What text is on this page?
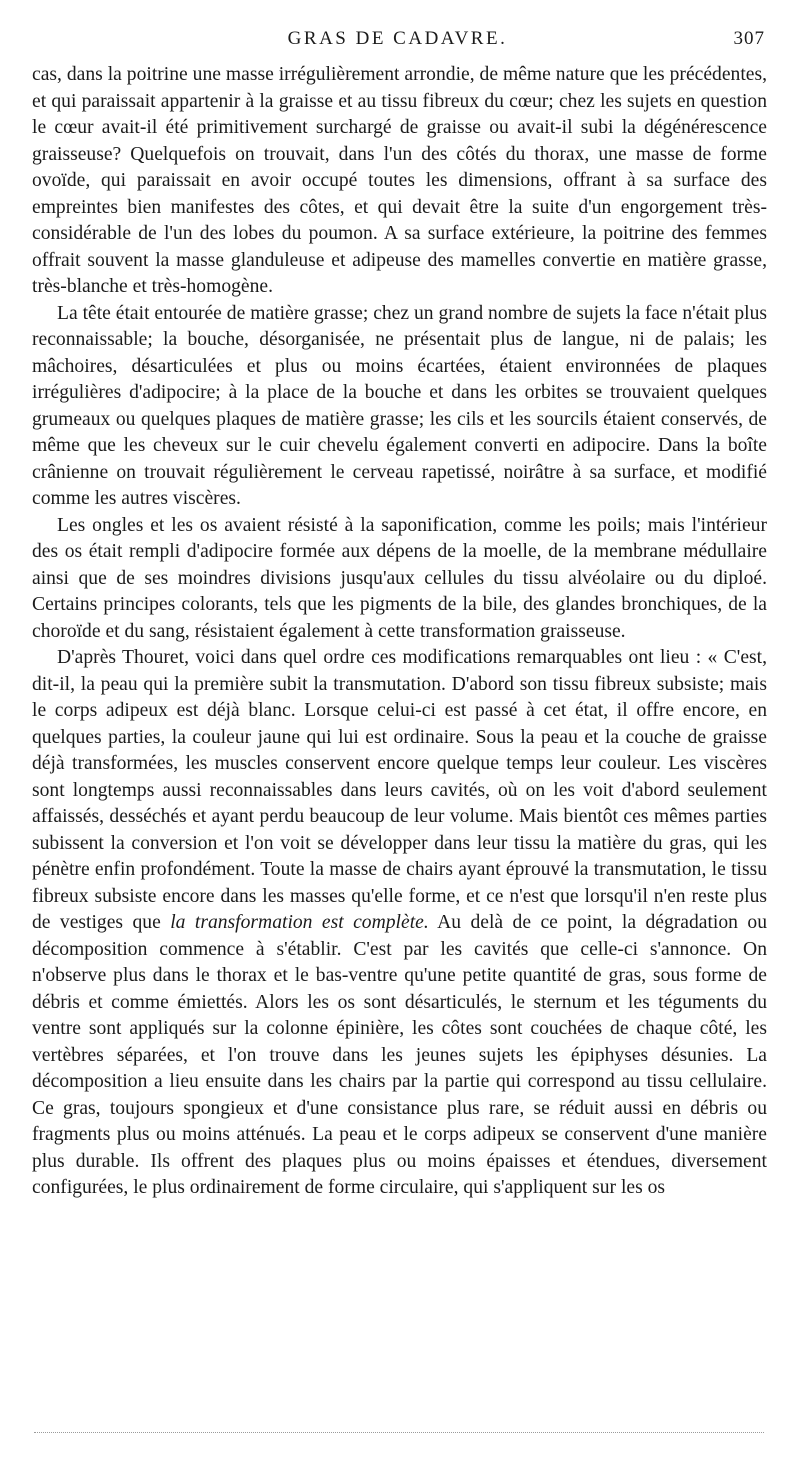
GRAS DE CADAVRE.	307

cas, dans la poitrine une masse irrégulièrement arrondie, de même nature que les précédentes, et qui paraissait appartenir à la graisse et au tissu fibreux du cœur; chez les sujets en question le cœur avait-il été primitivement surchargé de graisse ou avait-il subi la dégénérescence graisseuse? Quelquefois on trouvait, dans l'un des côtés du thorax, une masse de forme ovoïde, qui paraissait en avoir occupé toutes les dimensions, offrant à sa surface des empreintes bien manifestes des côtes, et qui devait être la suite d'un engorgement très-considérable de l'un des lobes du poumon. A sa surface extérieure, la poitrine des femmes offrait souvent la masse glanduleuse et adipeuse des mamelles convertie en matière grasse, très-blanche et très-homogène.

La tête était entourée de matière grasse; chez un grand nombre de sujets la face n'était plus reconnaissable; la bouche, désorganisée, ne présentait plus de langue, ni de palais; les mâchoires, désarticulées et plus ou moins écartées, étaient environnées de plaques irrégulières d'adipocire; à la place de la bouche et dans les orbites se trouvaient quelques grumeaux ou quelques plaques de matière grasse; les cils et les sourcils étaient conservés, de même que les cheveux sur le cuir chevelu également converti en adipocire. Dans la boîte crânienne on trouvait régulièrement le cerveau rapetissé, noirâtre à sa surface, et modifié comme les autres viscères.

Les ongles et les os avaient résisté à la saponification, comme les poils; mais l'intérieur des os était rempli d'adipocire formée aux dépens de la moelle, de la membrane médullaire ainsi que de ses moindres divisions jusqu'aux cellules du tissu alvéolaire ou du diploé. Certains principes colorants, tels que les pigments de la bile, des glandes bronchiques, de la choroïde et du sang, résistaient également à cette transformation graisseuse.

D'après Thouret, voici dans quel ordre ces modifications remarquables ont lieu : « C'est, dit-il, la peau qui la première subit la transmutation. D'abord son tissu fibreux subsiste; mais le corps adipeux est déjà blanc. Lorsque celui-ci est passé à cet état, il offre encore, en quelques parties, la couleur jaune qui lui est ordinaire. Sous la peau et la couche de graisse déjà transformées, les muscles conservent encore quelque temps leur couleur. Les viscères sont longtemps aussi reconnaissables dans leurs cavités, où on les voit d'abord seulement affaissés, desséchés et ayant perdu beaucoup de leur volume. Mais bientôt ces mêmes parties subissent la conversion et l'on voit se développer dans leur tissu la matière du gras, qui les pénètre enfin profondément. Toute la masse de chairs ayant éprouvé la transmutation, le tissu fibreux subsiste encore dans les masses qu'elle forme, et ce n'est que lorsqu'il n'en reste plus de vestiges que la transformation est complète. Au delà de ce point, la dégradation ou décomposition commence à s'établir. C'est par les cavités que celle-ci s'annonce. On n'observe plus dans le thorax et le bas-ventre qu'une petite quantité de gras, sous forme de débris et comme émiettés. Alors les os sont désarticulés, le sternum et les téguments du ventre sont appliqués sur la colonne épinière, les côtes sont couchées de chaque côté, les vertèbres séparées, et l'on trouve dans les jeunes sujets les épiphyses désunies. La décomposition a lieu ensuite dans les chairs par la partie qui correspond au tissu cellulaire. Ce gras, toujours spongieux et d'une consistance plus rare, se réduit aussi en débris ou fragments plus ou moins atténués. La peau et le corps adipeux se conservent d'une manière plus durable. Ils offrent des plaques plus ou moins épaisses et étendues, diversement configurées, le plus ordinairement de forme circulaire, qui s'appliquent sur les os
